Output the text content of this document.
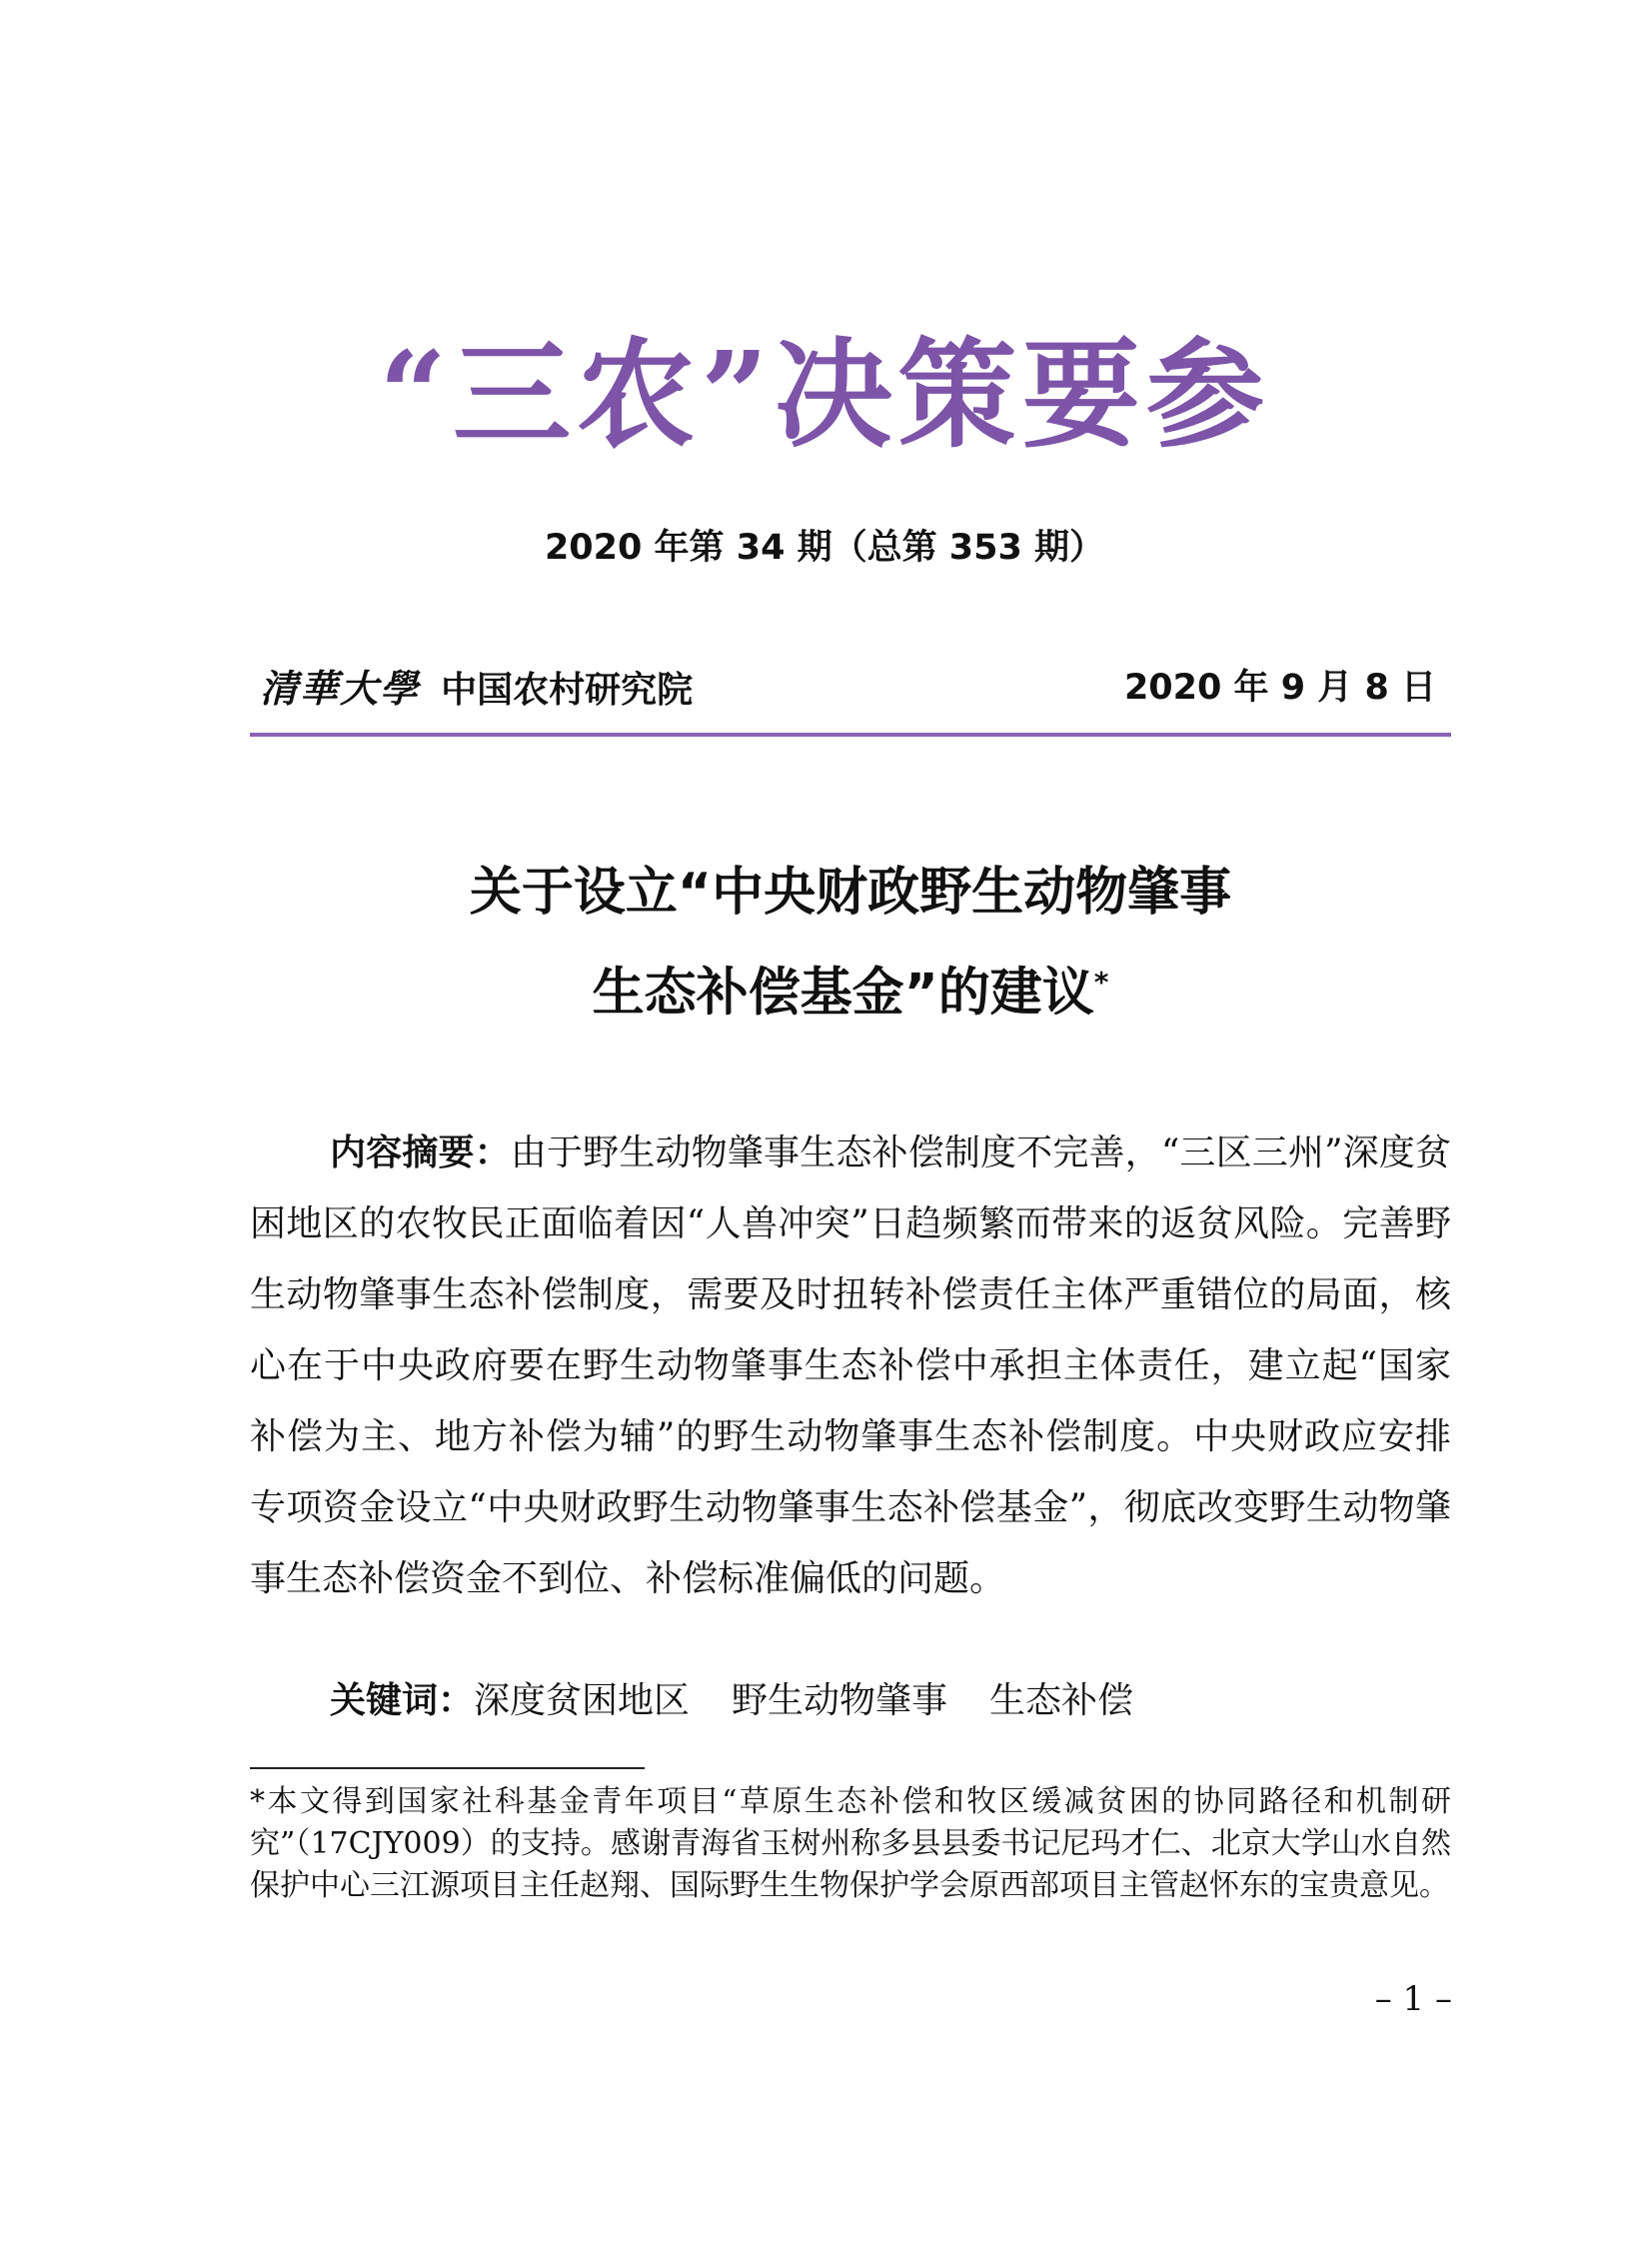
“三农”决策要参
2020 年第 34 期（总第 353 期）
清華大學 中国农村研究院	2020 年 9 月 8 日
关于设立“中央财政野生动物肇事
生态补偿基金”的建议*

内容摘要：由于野生动物肇事生态补偿制度不完善，“三区三州”深度贫困地区的农牧民正面临着因“人兽冲突”日趋频繁而带来的返贫风险。完善野生动物肇事生态补偿制度，需要及时扭转补偿责任主体严重错位的局面，核心在于中央政府要在野生动物肇事生态补偿中承担主体责任，建立起“国家补偿为主、地方补偿为辅”的野生动物肇事生态补偿制度。中央财政应安排专项资金设立“中央财政野生动物肇事生态补偿基金”，彻底改变野生动物肇事生态补偿资金不到位、补偿标准偏低的问题。

关键词：深度贫困地区 野生动物肇事 生态补偿

*本文得到国家社科基金青年项目“草原生态补偿和牧区缓减贫困的协同路径和机制研究”（17CJY009）的支持。感谢青海省玉树州称多县县委书记尼玛才仁、北京大学山水自然保护中心三江源项目主任赵翔、国际野生生物保护学会原西部项目主管赵怀东的宝贵意见。

– 1 –
